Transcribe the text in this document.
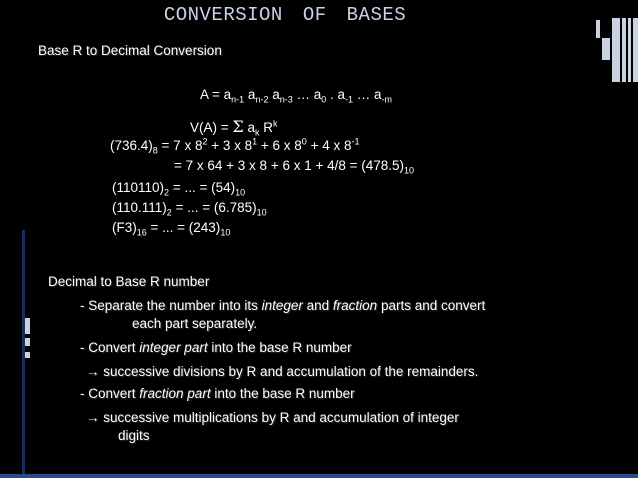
CONVERSION OF BASES
Base R to Decimal Conversion
$A = a_{n-1}$ $a_{n-2}$ $a_{n-3}$ … $a_0$ . $a_{-1}$ … $a_{-m}$
V(A) = Σ $a_k$ $R^k$
$(736.4)_8 = 7$ x $8^2 + 3$ x $8^1 + 6$ x $8^0 + 4$ x $8^{-1}$
= 7 x 64 + 3 x 8 + 6 x $1 + 4/8 = (478.5)_{10}$
$(110110)_2$ = ... = $(54)_{10}$
$(110.111)_2$ = ... = $(6.785)_{10}$
$(F3)_{16}$ = ... = $(243)_{10}$
Decimal to Base R number
- Separate the number into its integer and fraction parts and convert
each part separately.
- Convert integer part into the base R number
→ successive divisions by R and accumulation of the remainders.
- Convert fraction part into the base R number
→ successive multiplications by R and accumulation of integer
digits
